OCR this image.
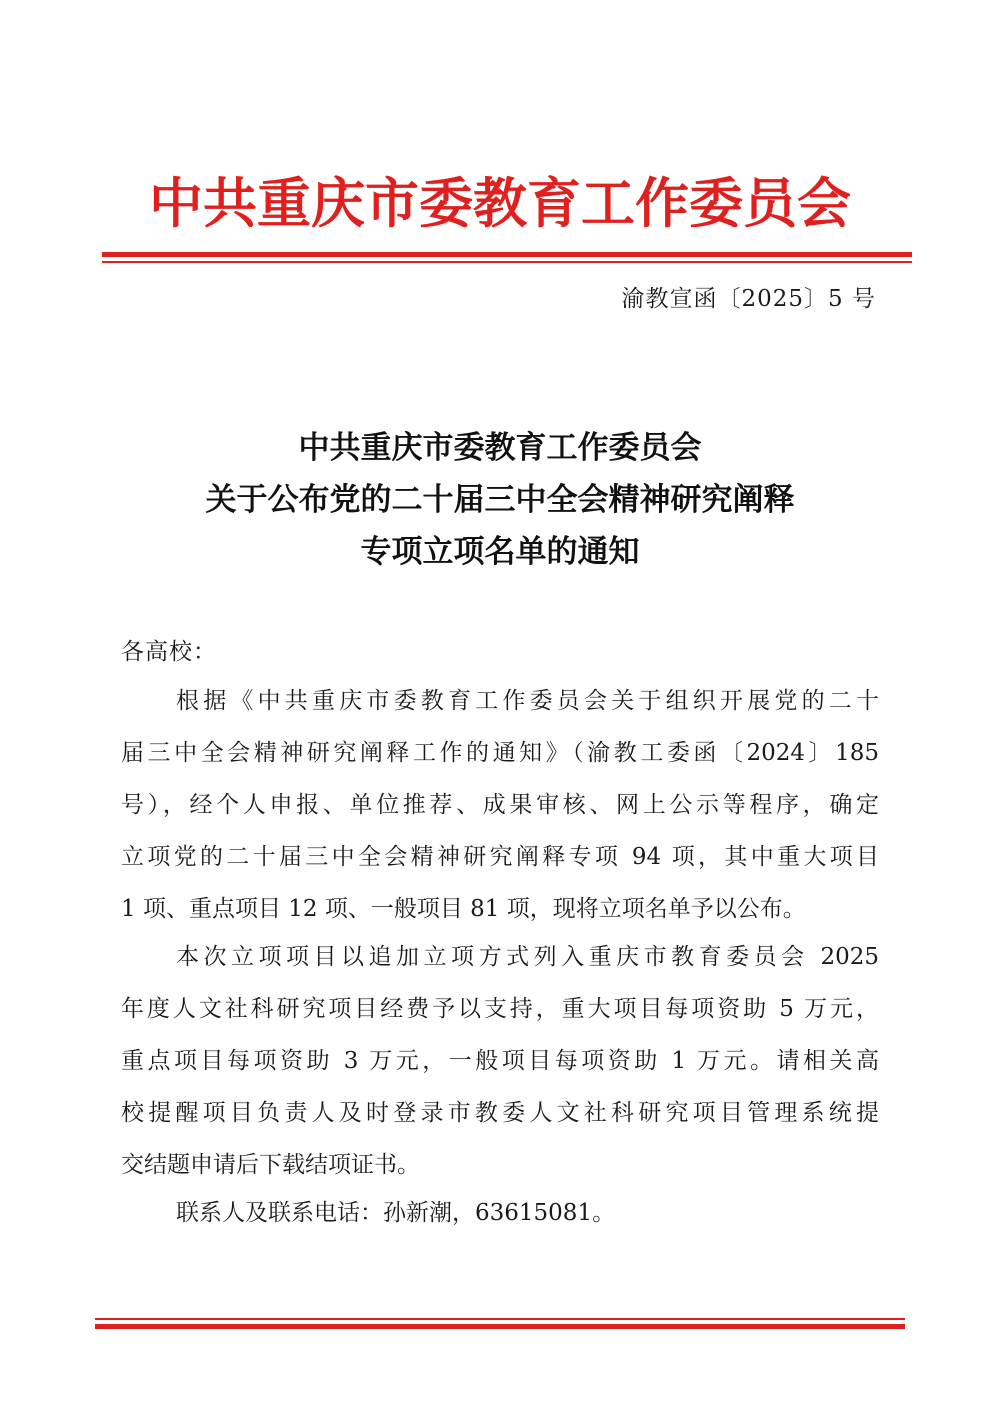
中共重庆市委教育工作委员会
渝教宣函〔2025〕5 号
中共重庆市委教育工作委员会
关于公布党的二十届三中全会精神研究阐释
专项立项名单的通知
各高校：
根据《中共重庆市委教育工作委员会关于组织开展党的二十
届三中全会精神研究阐释工作的通知》（渝教工委函〔2024〕185
号），经个人申报、单位推荐、成果审核、网上公示等程序，确定
立项党的二十届三中全会精神研究阐释专项 94 项，其中重大项目
1 项、重点项目 12 项、一般项目 81 项，现将立项名单予以公布。
本次立项项目以追加立项方式列入重庆市教育委员会 2025
年度人文社科研究项目经费予以支持，重大项目每项资助 5 万元，
重点项目每项资助 3 万元，一般项目每项资助 1 万元。请相关高
校提醒项目负责人及时登录市教委人文社科研究项目管理系统提
交结题申请后下载结项证书。
联系人及联系电话：孙新潮，63615081。
